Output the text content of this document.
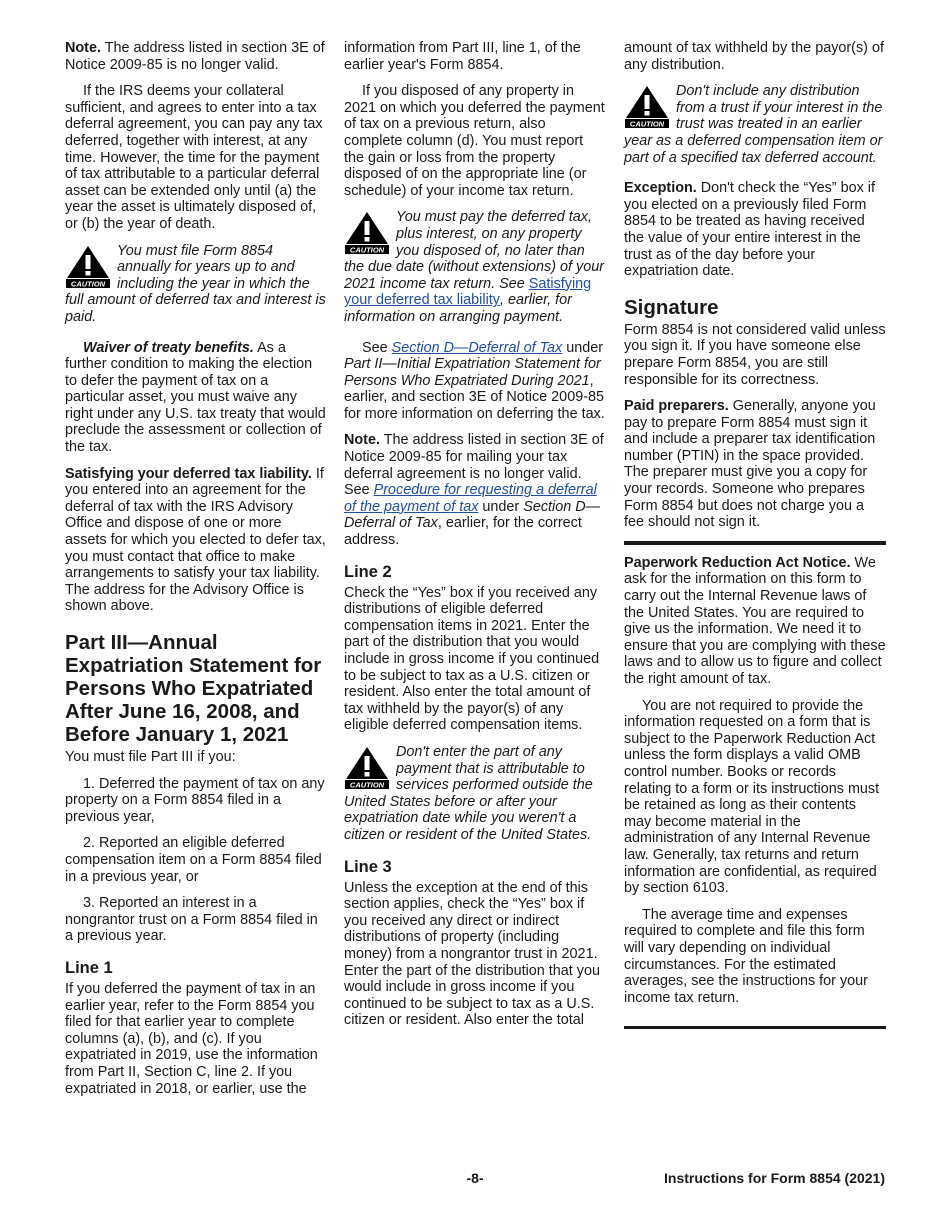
Note. The address listed in section 3E of Notice 2009-85 is no longer valid.

If the IRS deems your collateral sufficient, and agrees to enter into a tax deferral agreement, you can pay any tax deferred, together with interest, at any time. However, the time for the payment of tax attributable to a particular deferral asset can be extended only until (a) the year the asset is ultimately disposed of, or (b) the year of death.

CAUTION
You must file Form 8854 annually for years up to and including the year in which the full amount of deferred tax and interest is paid.

Waiver of treaty benefits. As a further condition to making the election to defer the payment of tax on a particular asset, you must waive any right under any U.S. tax treaty that would preclude the assessment or collection of the tax.

Satisfying your deferred tax liability. If you entered into an agreement for the deferral of tax with the IRS Advisory Office and dispose of one or more assets for which you elected to defer tax, you must contact that office to make arrangements to satisfy your tax liability. The address for the Advisory Office is shown above.

Part III—Annual Expatriation Statement for Persons Who Expatriated After June 16, 2008, and Before January 1, 2021

You must file Part III if you:

1. Deferred the payment of tax on any property on a Form 8854 filed in a previous year,

2. Reported an eligible deferred compensation item on a Form 8854 filed in a previous year, or

3. Reported an interest in a nongrantor trust on a Form 8854 filed in a previous year.

Line 1

If you deferred the payment of tax in an earlier year, refer to the Form 8854 you filed for that earlier year to complete columns (a), (b), and (c). If you expatriated in 2019, use the information from Part II, Section C, line 2. If you expatriated in 2018, or earlier, use the

information from Part III, line 1, of the earlier year's Form 8854.

If you disposed of any property in 2021 on which you deferred the payment of tax on a previous return, also complete column (d). You must report the gain or loss from the property disposed of on the appropriate line (or schedule) of your income tax return.

CAUTION
You must pay the deferred tax, plus interest, on any property you disposed of, no later than the due date (without extensions) of your 2021 income tax return. See Satisfying your deferred tax liability, earlier, for information on arranging payment.

See Section D—Deferral of Tax under Part II—Initial Expatriation Statement for Persons Who Expatriated During 2021, earlier, and section 3E of Notice 2009-85 for more information on deferring the tax.

Note. The address listed in section 3E of Notice 2009-85 for mailing your tax deferral agreement is no longer valid. See Procedure for requesting a deferral of the payment of tax under Section D—Deferral of Tax, earlier, for the correct address.

Line 2

Check the “Yes” box if you received any distributions of eligible deferred compensation items in 2021. Enter the part of the distribution that you would include in gross income if you continued to be subject to tax as a U.S. citizen or resident. Also enter the total amount of tax withheld by the payor(s) of any eligible deferred compensation items.

CAUTION
Don't enter the part of any payment that is attributable to services performed outside the United States before or after your expatriation date while you weren't a citizen or resident of the United States.
Line 3

Unless the exception at the end of this section applies, check the “Yes” box if you received any direct or indirect distributions of property (including money) from a nongrantor trust in 2021. Enter the part of the distribution that you would include in gross income if you continued to be subject to tax as a U.S. citizen or resident. Also enter the total

amount of tax withheld by the payor(s) of any distribution.

CAUTION
Don't include any distribution from a trust if your interest in the trust was treated in an earlier year as a deferred compensation item or part of a specified tax deferred account.

Exception. Don't check the “Yes” box if you elected on a previously filed Form 8854 to be treated as having received the value of your entire interest in the trust as of the day before your expatriation date.

Signature

Form 8854 is not considered valid unless you sign it. If you have someone else prepare Form 8854, you are still responsible for its correctness.

Paid preparers. Generally, anyone you pay to prepare Form 8854 must sign it and include a preparer tax identification number (PTIN) in the space provided. The preparer must give you a copy for your records. Someone who prepares Form 8854 but does not charge you a fee should not sign it.

Paperwork Reduction Act Notice. We ask for the information on this form to carry out the Internal Revenue laws of the United States. You are required to give us the information. We need it to ensure that you are complying with these laws and to allow us to figure and collect the right amount of tax.

You are not required to provide the information requested on a form that is subject to the Paperwork Reduction Act unless the form displays a valid OMB control number. Books or records relating to a form or its instructions must be retained as long as their contents may become material in the administration of any Internal Revenue law. Generally, tax returns and return information are confidential, as required by section 6103.

The average time and expenses required to complete and file this form will vary depending on individual circumstances. For the estimated averages, see the instructions for your income tax return.

-8-	Instructions for Form 8854 (2021)
